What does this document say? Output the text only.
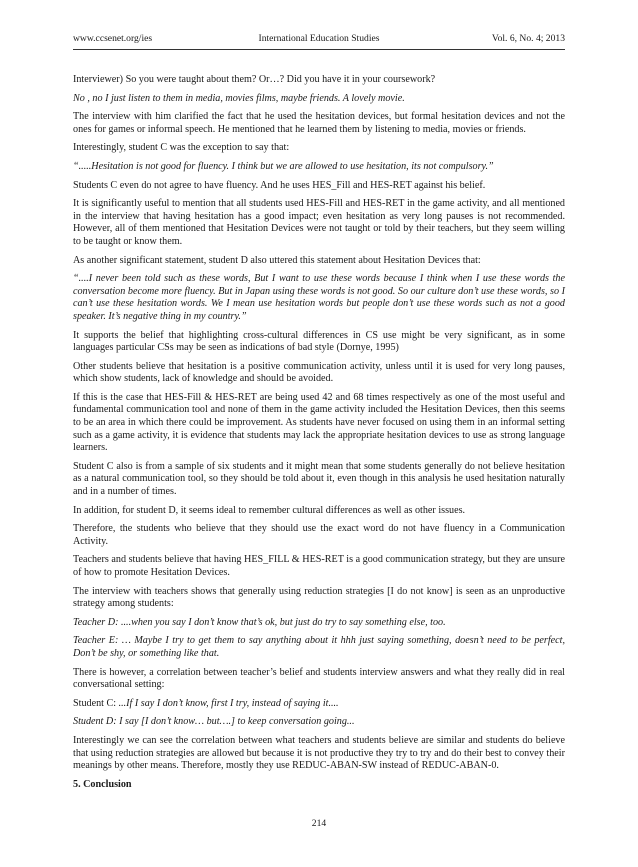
www.ccsenet.org/ies	International Education Studies	Vol. 6, No. 4; 2013

Interviewer) So you were taught about them? Or…? Did you have it in your coursework?

No , no I just listen to them in media, movies films, maybe friends. A lovely movie.

The interview with him clarified the fact that he used the hesitation devices, but formal hesitation devices and not the ones for games or informal speech. He mentioned that he learned them by listening to media, movies or friends.

Interestingly, student C was the exception to say that:

“.....Hesitation is not good for fluency. I think but we are allowed to use hesitation, its not compulsory.”

Students C even do not agree to have fluency. And he uses HES_Fill and HES-RET against his belief.

It is significantly useful to mention that all students used HES-Fill and HES-RET in the game activity, and all mentioned in the interview that having hesitation has a good impact; even hesitation as very long pauses is not recommended. However, all of them mentioned that Hesitation Devices were not taught or told by their teachers, but they seem willing to be taught or know them.

As another significant statement, student D also uttered this statement about Hesitation Devices that:

“....I never been told such as these words, But I want to use these words because I think when I use these words the conversation become more fluency. But in Japan using these words is not good. So our culture don’t use these words, so I can’t use these hesitation words. We I mean use hesitation words but people don’t use these words such as not a good speaker. It’s negative thing in my country.”

It supports the belief that highlighting cross-cultural differences in CS use might be very significant, as in some languages particular CSs may be seen as indications of bad style (Dornye, 1995)

Other students believe that hesitation is a positive communication activity, unless until it is used for very long pauses, which show students, lack of knowledge and should be avoided.

If this is the case that HES-Fill & HES-RET are being used 42 and 68 times respectively as one of the most useful and fundamental communication tool and none of them in the game activity included the Hesitation Devices, then this seems to be an area in which there could be improvement. As students have never focused on using them in an informal setting such as a game activity, it is evidence that students may lack the appropriate hesitation devices to use as strong language learners.

Student C also is from a sample of six students and it might mean that some students generally do not believe hesitation as a natural communication tool, so they should be told about it, even though in this analysis he used hesitation naturally and in a number of times.

In addition, for student D, it seems ideal to remember cultural differences as well as other issues.

Therefore, the students who believe that they should use the exact word do not have fluency in a Communication Activity.

Teachers and students believe that having HES_FILL & HES-RET is a good communication strategy, but they are unsure of how to promote Hesitation Devices.

The interview with teachers shows that generally using reduction strategies [I do not know] is seen as an unproductive strategy among students:

Teacher D: ....when you say I don’t know that’s ok, but just do try to say something else, too.

Teacher E: … Maybe I try to get them to say anything about it hhh just saying something, doesn’t need to be perfect, Don’t be shy, or something like that.

There is however, a correlation between teacher’s belief and students interview answers and what they really did in real conversational setting:

Student C: ...If I say I don’t know, first I try, instead of saying it....

Student D: I say [I don’t know… but….] to keep conversation going...

Interestingly we can see the correlation between what teachers and students believe are similar and students do believe that using reduction strategies are allowed but because it is not productive they try to try and do their best to convey their meanings by other means. Therefore, mostly they use REDUC-ABAN-SW instead of REDUC-ABAN-0.

5. Conclusion

214
